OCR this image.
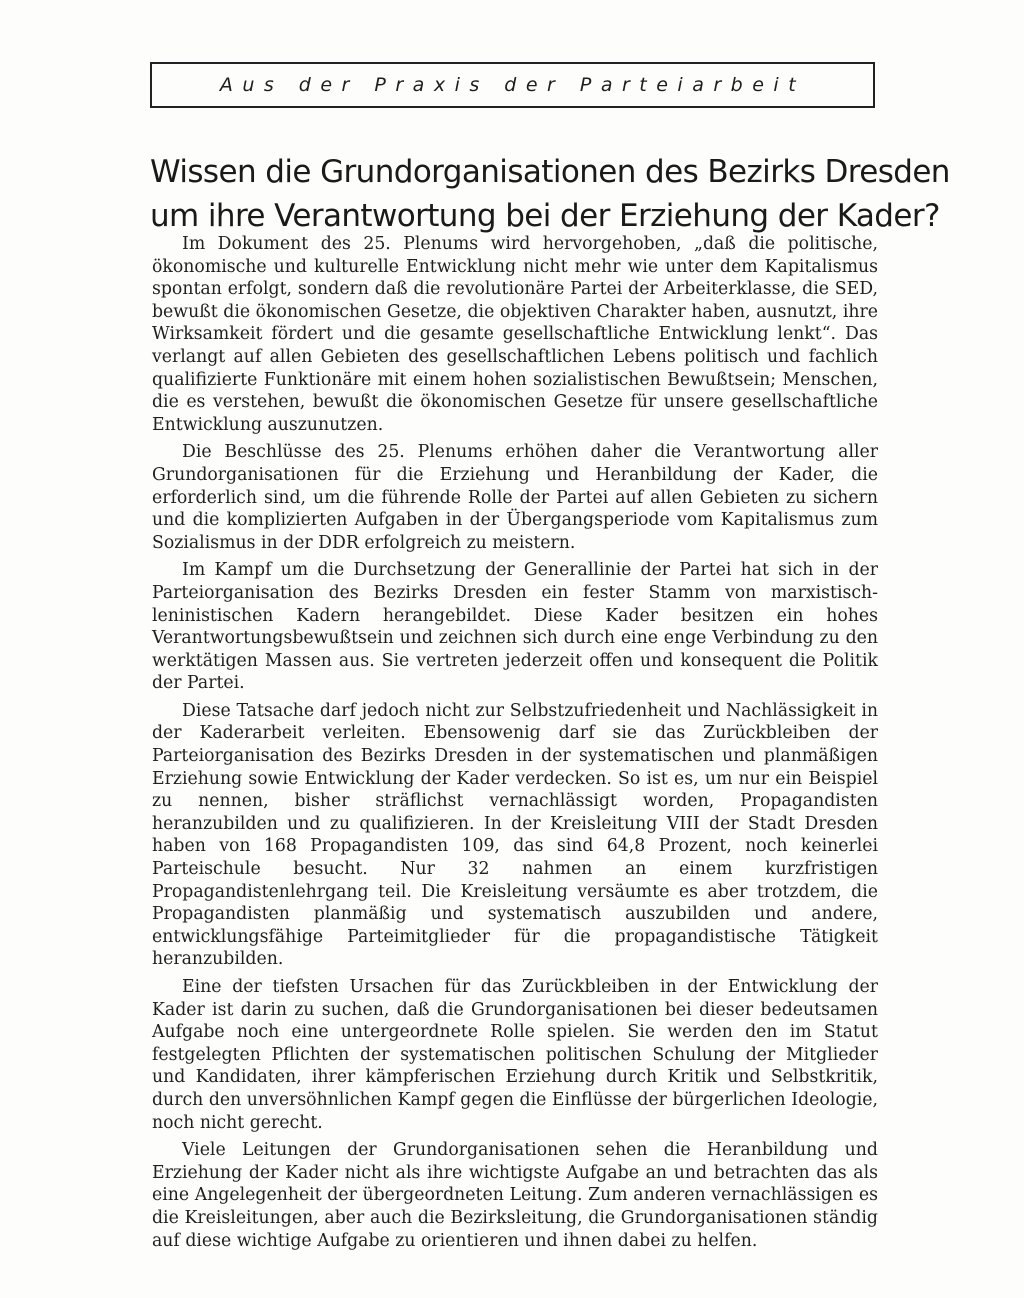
Aus der Praxis der Parteiarbeit
Wissen die Grundorganisationen des Bezirks Dresden
um ihre Verantwortung bei der Erziehung der Kader?

Im Dokument des 25. Plenums wird hervorgehoben, „daß die politische, ökonomische und kulturelle Entwicklung nicht mehr wie unter dem Kapitalismus spontan erfolgt, sondern daß die revolutionäre Partei der Arbeiterklasse, die SED, bewußt die ökonomischen Gesetze, die objektiven Charakter haben, ausnutzt, ihre Wirksamkeit fördert und die gesamte gesellschaftliche Entwicklung lenkt“. Das verlangt auf allen Gebieten des gesellschaftlichen Lebens politisch und fachlich qualifizierte Funktionäre mit einem hohen sozialistischen Bewußtsein; Menschen, die es verstehen, bewußt die ökonomischen Gesetze für unsere gesellschaftliche Entwicklung auszunutzen.

Die Beschlüsse des 25. Plenums erhöhen daher die Verantwortung aller Grundorganisationen für die Erziehung und Heranbildung der Kader, die erforderlich sind, um die führende Rolle der Partei auf allen Gebieten zu sichern und die komplizierten Aufgaben in der Übergangsperiode vom Kapitalismus zum Sozialismus in der DDR erfolgreich zu meistern.

Im Kampf um die Durchsetzung der Generallinie der Partei hat sich in der Parteiorganisation des Bezirks Dresden ein fester Stamm von marxistisch-leninistischen Kadern herangebildet. Diese Kader besitzen ein hohes Verantwortungsbewußtsein und zeichnen sich durch eine enge Verbindung zu den werktätigen Massen aus. Sie vertreten jederzeit offen und konsequent die Politik der Partei.

Diese Tatsache darf jedoch nicht zur Selbstzufriedenheit und Nachlässigkeit in der Kaderarbeit verleiten. Ebensowenig darf sie das Zurückbleiben der Parteiorganisation des Bezirks Dresden in der systematischen und planmäßigen Erziehung sowie Entwicklung der Kader verdecken. So ist es, um nur ein Beispiel zu nennen, bisher sträflichst vernachlässigt worden, Propagandisten heranzubilden und zu qualifizieren. In der Kreisleitung VIII der Stadt Dresden haben von 168 Propagandisten 109, das sind 64,8 Prozent, noch keinerlei Parteischule besucht. Nur 32 nahmen an einem kurzfristigen Propagandistenlehrgang teil. Die Kreisleitung versäumte es aber trotzdem, die Propagandisten planmäßig und systematisch auszubilden und andere, entwicklungsfähige Parteimitglieder für die propagandistische Tätigkeit heranzubilden.

Eine der tiefsten Ursachen für das Zurückbleiben in der Entwicklung der Kader ist darin zu suchen, daß die Grundorganisationen bei dieser bedeutsamen Aufgabe noch eine untergeordnete Rolle spielen. Sie werden den im Statut festgelegten Pflichten der systematischen politischen Schulung der Mitglieder und Kandidaten, ihrer kämpferischen Erziehung durch Kritik und Selbstkritik, durch den unversöhnlichen Kampf gegen die Einflüsse der bürgerlichen Ideologie, noch nicht gerecht.

Viele Leitungen der Grundorganisationen sehen die Heranbildung und Erziehung der Kader nicht als ihre wichtigste Aufgabe an und betrachten das als eine Angelegenheit der übergeordneten Leitung. Zum anderen vernachlässigen es die Kreisleitungen, aber auch die Bezirksleitung, die Grundorganisationen ständig auf diese wichtige Aufgabe zu orientieren und ihnen dabei zu helfen.
